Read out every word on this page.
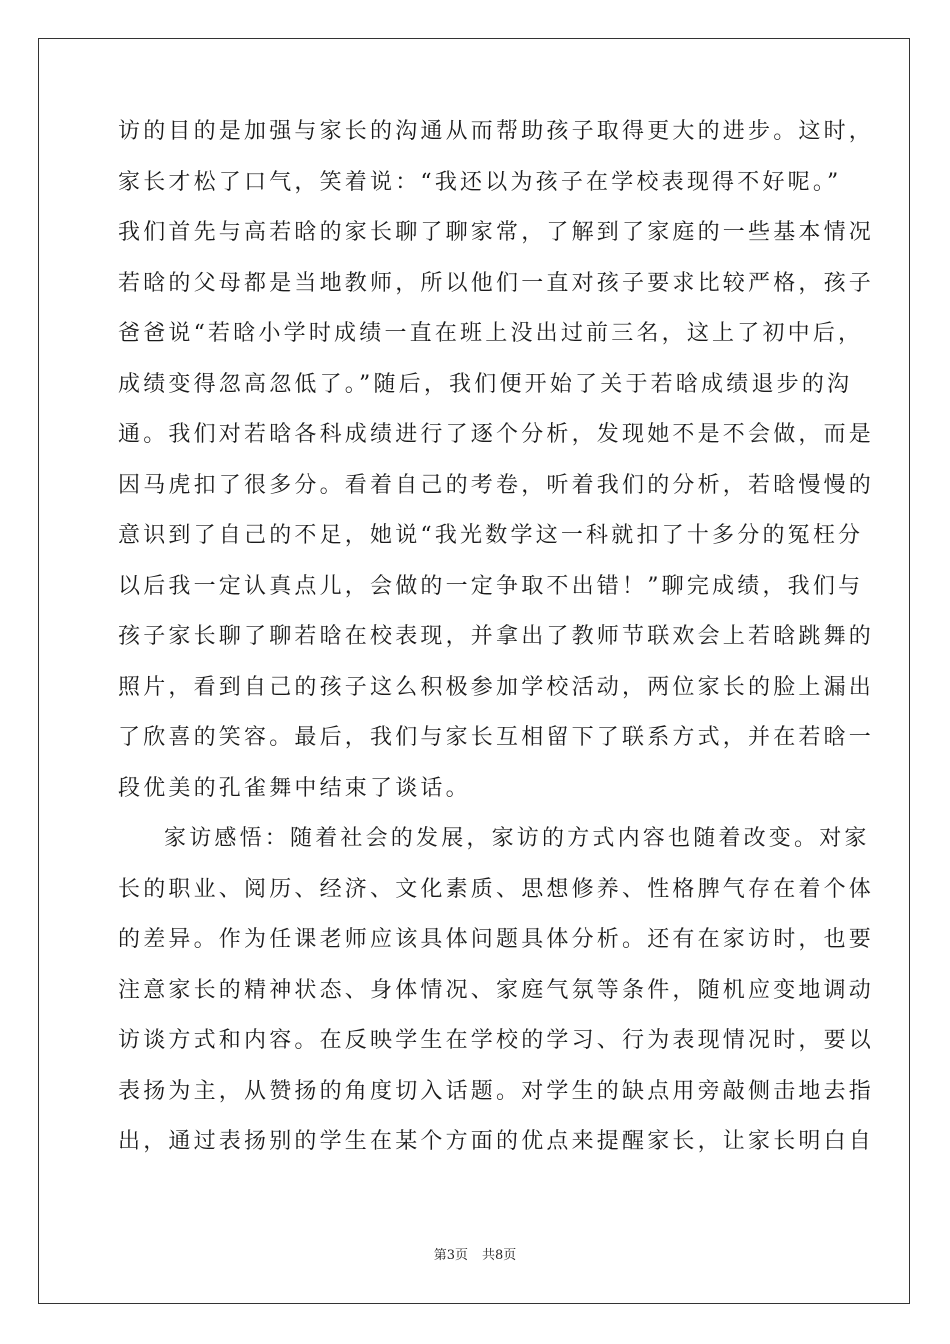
访的目的是加强与家长的沟通从而帮助孩子取得更大的进步。这时，
家长才松了口气，笑着说：“我还以为孩子在学校表现得不好呢。”
我们首先与高若晗的家长聊了聊家常，了解到了家庭的一些基本情况
若晗的父母都是当地教师，所以他们一直对孩子要求比较严格，孩子
爸爸说“若晗小学时成绩一直在班上没出过前三名，这上了初中后，
成绩变得忽高忽低了。”随后，我们便开始了关于若晗成绩退步的沟
通。我们对若晗各科成绩进行了逐个分析，发现她不是不会做，而是
因马虎扣了很多分。看着自己的考卷，听着我们的分析，若晗慢慢的
意识到了自己的不足，她说“我光数学这一科就扣了十多分的冤枉分
以后我一定认真点儿，会做的一定争取不出错！”聊完成绩，我们与
孩子家长聊了聊若晗在校表现，并拿出了教师节联欢会上若晗跳舞的
照片，看到自己的孩子这么积极参加学校活动，两位家长的脸上漏出
了欣喜的笑容。最后，我们与家长互相留下了联系方式，并在若晗一
段优美的孔雀舞中结束了谈话。
家访感悟：随着社会的发展，家访的方式内容也随着改变。对家
长的职业、阅历、经济、文化素质、思想修养、性格脾气存在着个体
的差异。作为任课老师应该具体问题具体分析。还有在家访时，也要
注意家长的精神状态、身体情况、家庭气氛等条件，随机应变地调动
访谈方式和内容。在反映学生在学校的学习、行为表现情况时，要以
表扬为主，从赞扬的角度切入话题。对学生的缺点用旁敲侧击地去指
出，通过表扬别的学生在某个方面的优点来提醒家长，让家长明白自
第3页 共8页
